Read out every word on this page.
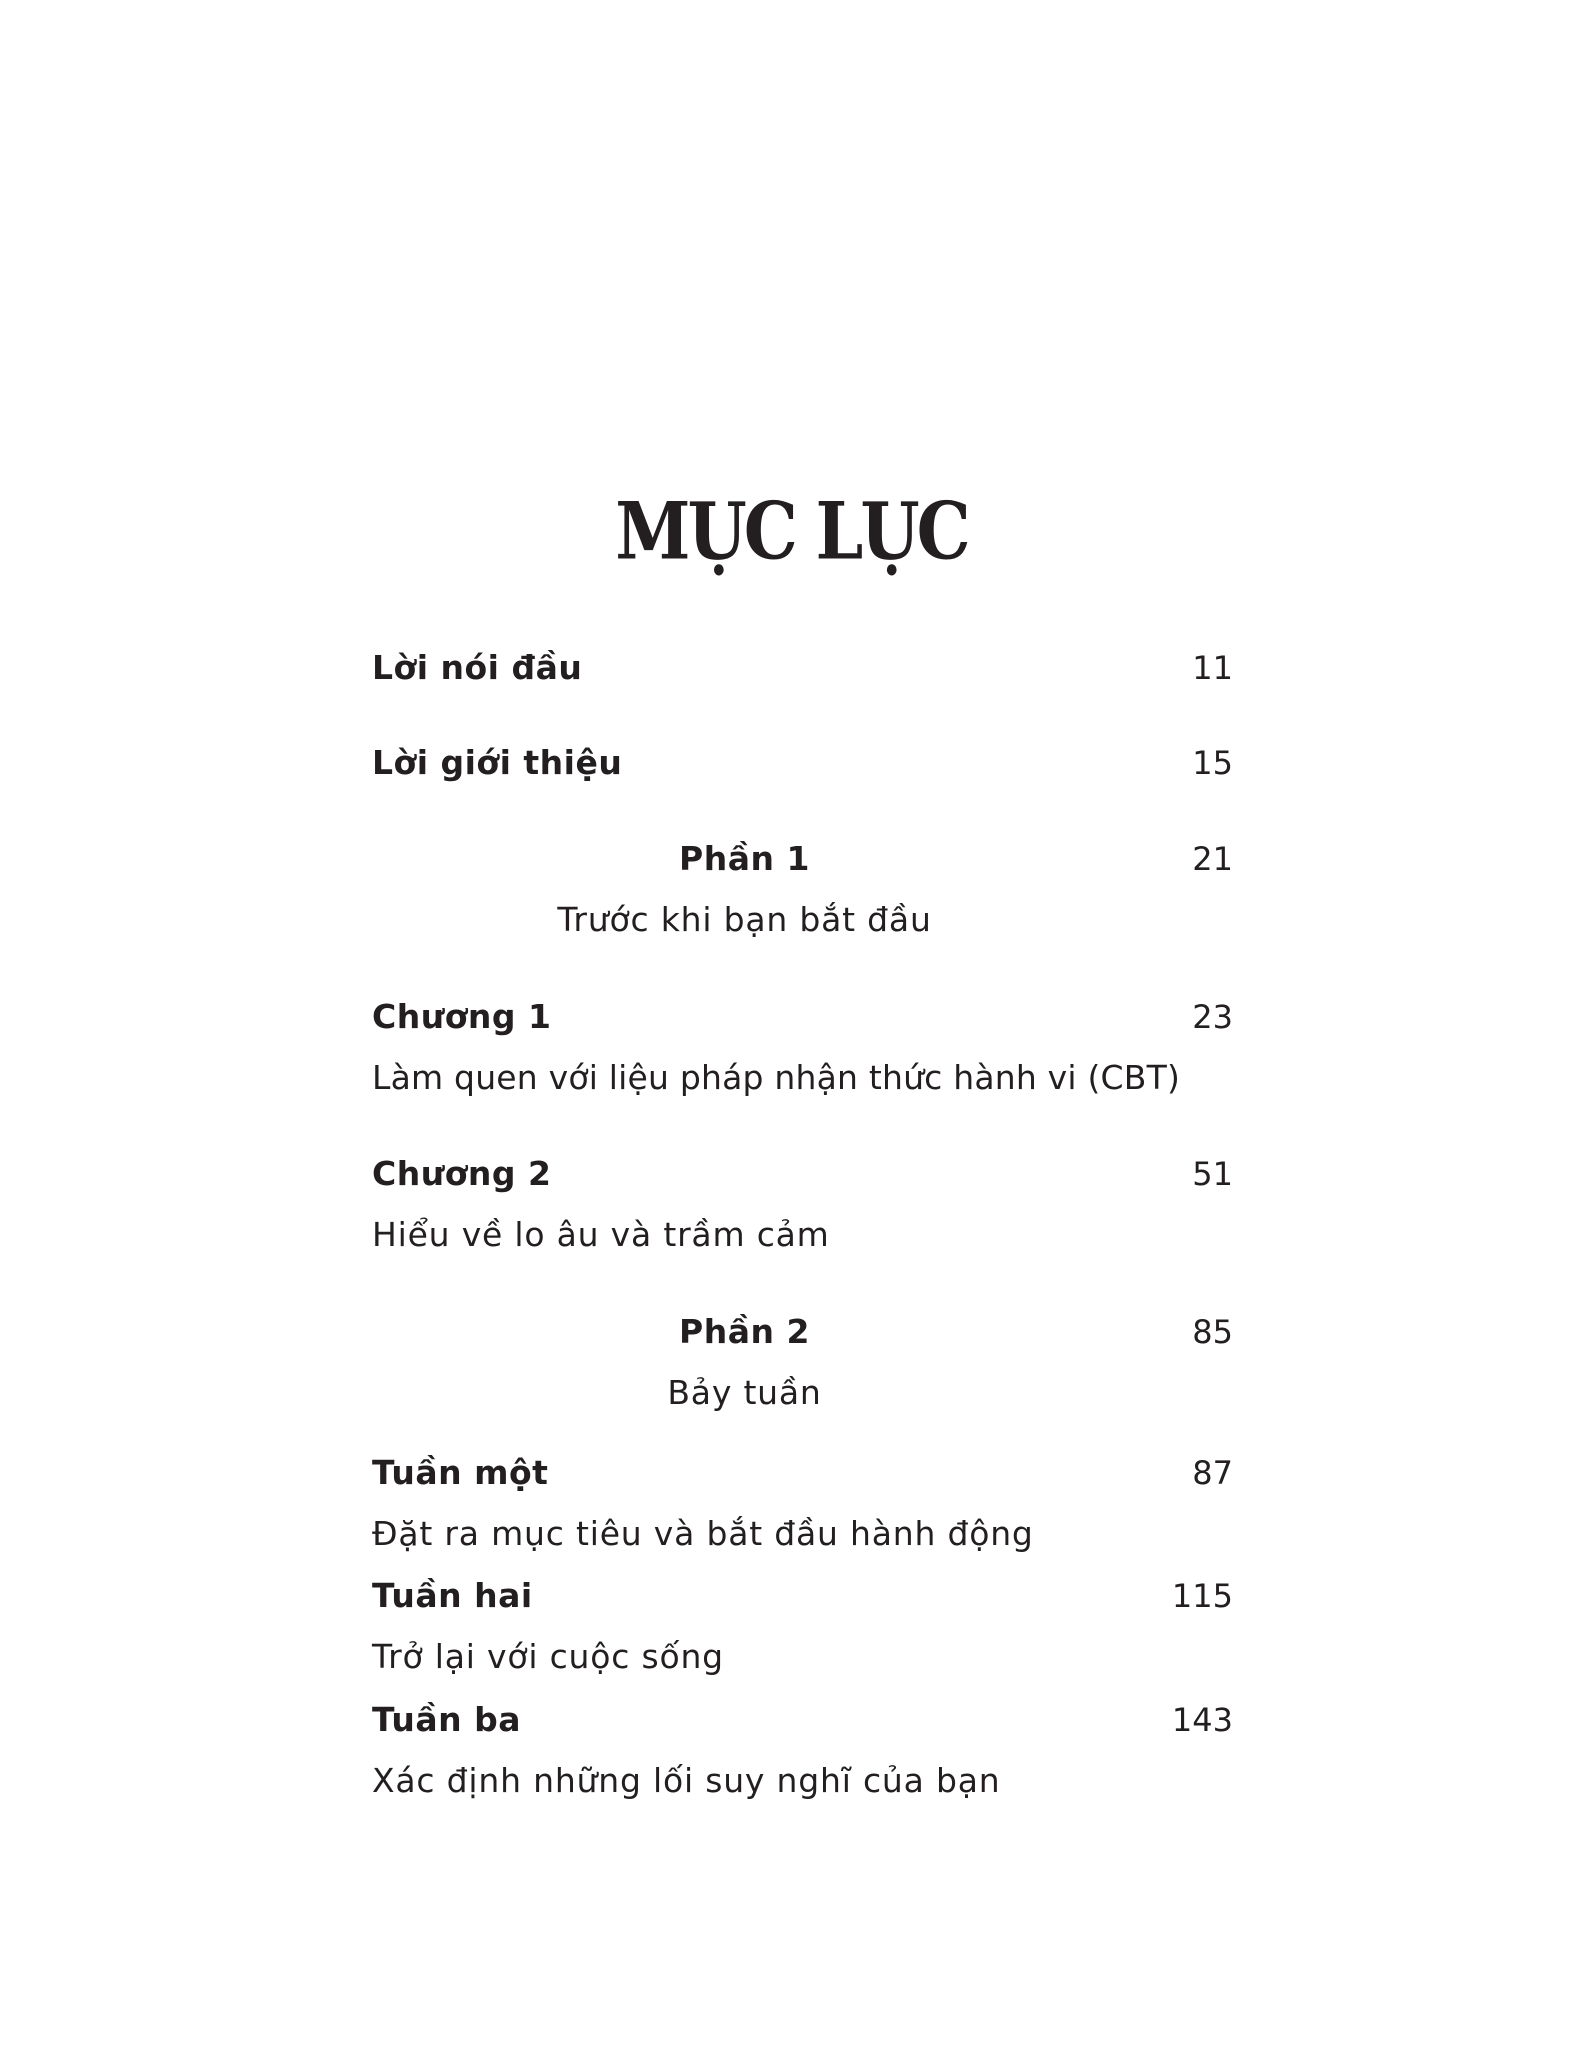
MỤC LỤC
Lời nói đầu	11
Lời giới thiệu	15
Phần 1	21
Trước khi bạn bắt đầu
Chương 1	23
Làm quen với liệu pháp nhận thức hành vi (CBT)
Chương 2	51
Hiểu về lo âu và trầm cảm
Phần 2	85
Bảy tuần
Tuần một	87
Đặt ra mục tiêu và bắt đầu hành động
Tuần hai	115
Trở lại với cuộc sống
Tuần ba	143
Xác định những lối suy nghĩ của bạn
